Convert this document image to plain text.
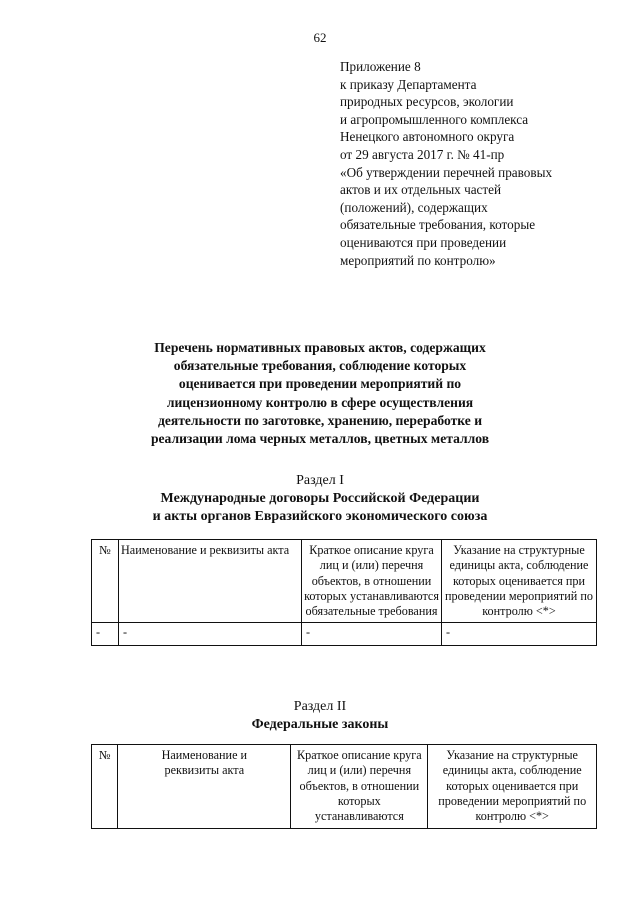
62
Приложение 8
к приказу Департамента
природных ресурсов, экологии
и агропромышленного комплекса
Ненецкого автономного округа
от 29 августа 2017 г. № 41-пр
«Об утверждении перечней правовых
актов и их отдельных частей
(положений), содержащих
обязательные требования, которые
оцениваются при проведении
мероприятий по контролю»
Перечень нормативных правовых актов, содержащих
обязательные требования, соблюдение которых
оценивается при проведении мероприятий по
лицензионному контролю в сфере осуществления
деятельности по заготовке, хранению, переработке и
реализации лома черных металлов, цветных металлов
Раздел I
Международные договоры Российской Федерации
и акты органов Евразийского экономического союза
№	Наименование и реквизиты акта	Краткое описание круга лиц и (или) перечня объектов, в отношении которых устанавливаются обязательные требования	Указание на структурные единицы акта, соблюдение которых оценивается при проведении мероприятий по контролю <*>
-	-	-	-
Раздел II
Федеральные законы
№	Наименование и реквизиты акта	Краткое описание круга лиц и (или) перечня объектов, в отношении которых устанавливаются	Указание на структурные единицы акта, соблюдение которых оценивается при проведении мероприятий по контролю <*>
